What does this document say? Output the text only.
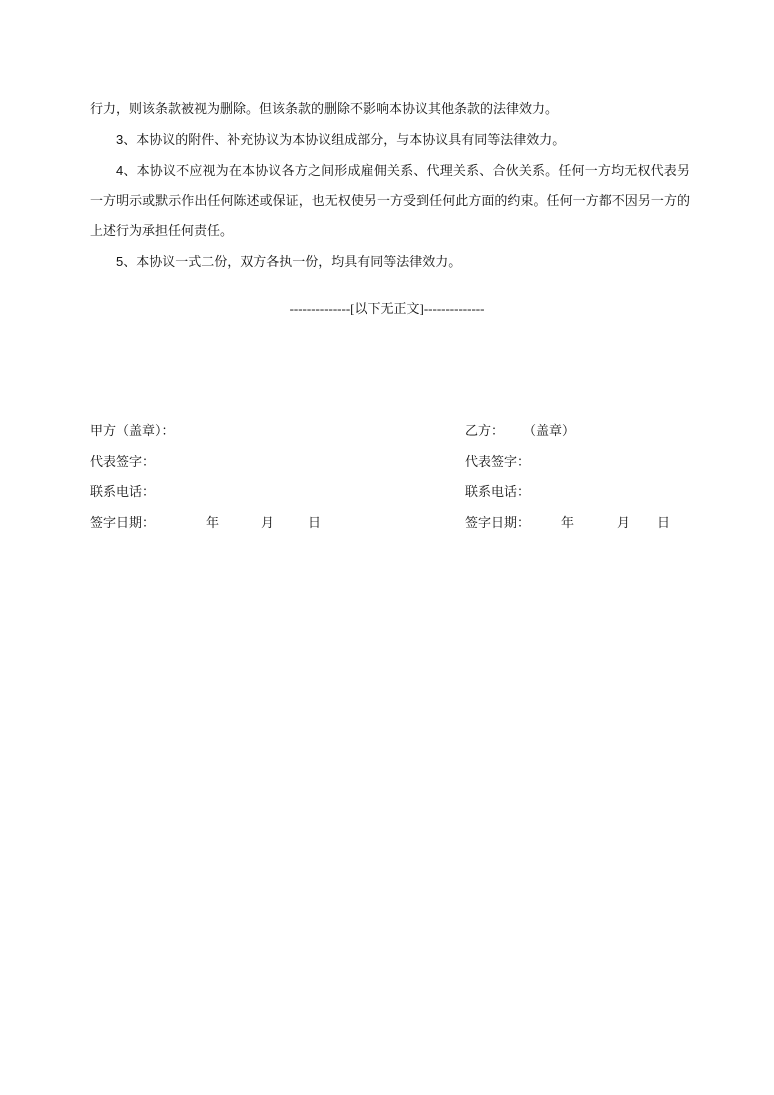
行力，则该条款被视为删除。但该条款的删除不影响本协议其他条款的法律效力。

3、本协议的附件、补充协议为本协议组成部分，与本协议具有同等法律效力。

4、本协议不应视为在本协议各方之间形成雇佣关系、代理关系、合伙关系。任何一方均无权代表另一方明示或默示作出任何陈述或保证，也无权使另一方受到任何此方面的约束。任何一方都不因另一方的上述行为承担任何责任。

5、本协议一式二份，双方各执一份，均具有同等法律效力。

--------------[以下无正文]--------------
甲方（盖章）：
代表签字：
联系电话：
签字日期：	年	月	日
乙方： （盖章）
代表签字：
联系电话：
签字日期： 年	月 日
